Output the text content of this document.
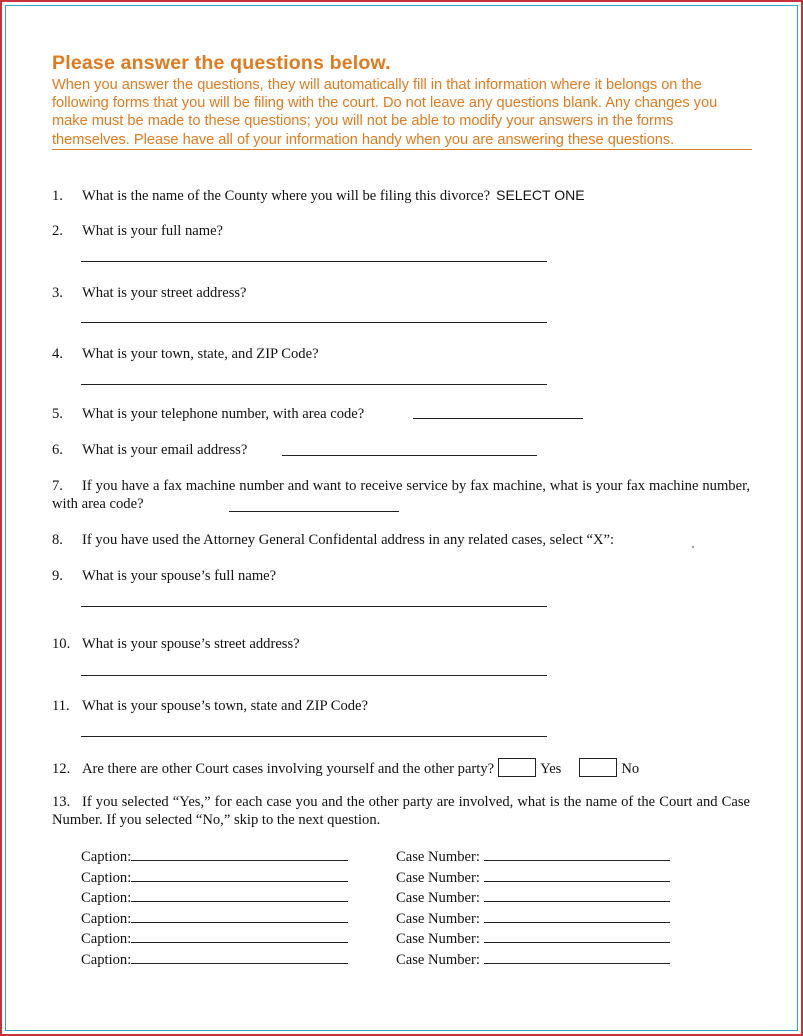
Please answer the questions below.
When you answer the questions, they will automatically fill in that information where it belongs on the following forms that you will be filing with the court. Do not leave any questions blank. Any changes you make must be made to these questions; you will not be able to modify your answers in the forms themselves. Please have all of your information handy when you are answering these questions.
1. What is the name of the County where you will be filing this divorce? SELECT ONE
2. What is your full name?
3. What is your street address?
4. What is your town, state, and ZIP Code?
5. What is your telephone number, with area code?
6. What is your email address?
7. If you have a fax machine number and want to receive service by fax machine, what is your fax machine number, with area code?
8. If you have used the Attorney General Confidental address in any related cases, select “X”:
9. What is your spouse’s full name?
10. What is your spouse’s street address?
11. What is your spouse’s town, state and ZIP Code?
12. Are there are other Court cases involving yourself and the other party?	Yes	No
13. If you selected “Yes,” for each case you and the other party are involved, what is the name of the Court and Case Number. If you selected “No,” skip to the next question.
Caption:	Case Number:
Caption:	Case Number:
Caption:	Case Number:
Caption:	Case Number:
Caption:	Case Number:
Caption:	Case Number:
